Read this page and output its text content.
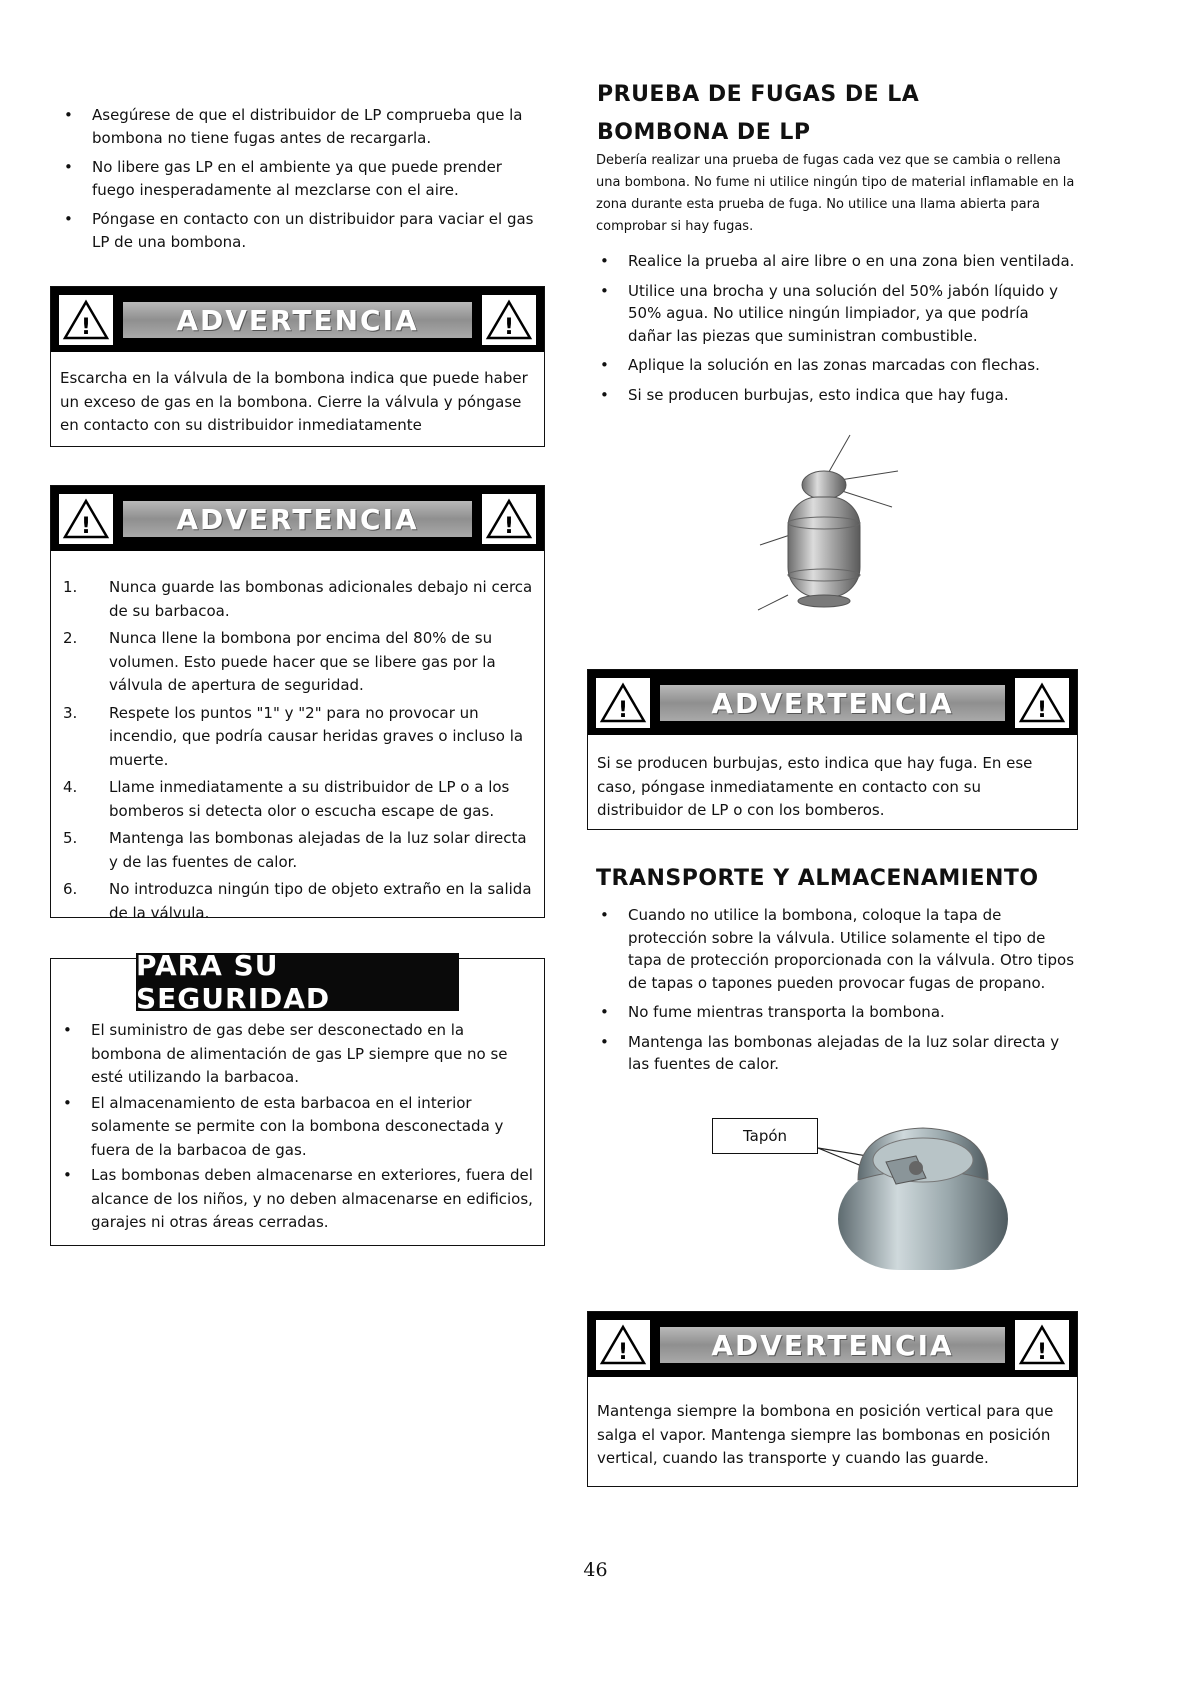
• Asegúrese de que el distribuidor de LP comprueba que la bombona no tiene fugas antes de recargarla.
• No libere gas LP en el ambiente ya que puede prender fuego inesperadamente al mezclarse con el aire.
• Póngase en contacto con un distribuidor para vaciar el gas LP de una bombona.
!	ADVERTENCIA	!
Escarcha en la válvula de la bombona indica que puede haber un exceso de gas en la bombona. Cierre la válvula y póngase en contacto con su distribuidor inmediatamente
!	ADVERTENCIA	!
1. Nunca guarde las bombonas adicionales debajo ni cerca de su barbacoa.
2. Nunca llene la bombona por encima del 80% de su volumen. Esto puede hacer que se libere gas por la válvula de apertura de seguridad.
3. Respete los puntos "1" y "2" para no provocar un incendio, que podría causar heridas graves o incluso la muerte.
4. Llame inmediatamente a su distribuidor de LP o a los bomberos si detecta olor o escucha escape de gas.
5. Mantenga las bombonas alejadas de la luz solar directa y de las fuentes de calor.
6. No introduzca ningún tipo de objeto extraño en la salida de la válvula.
PARA SU SEGURIDAD
• El suministro de gas debe ser desconectado en la bombona de alimentación de gas LP siempre que no se esté utilizando la barbacoa.
• El almacenamiento de esta barbacoa en el interior solamente se permite con la bombona desconectada y fuera de la barbacoa de gas.
• Las bombonas deben almacenarse en exteriores, fuera del alcance de los niños, y no deben almacenarse en edificios, garajes ni otras áreas cerradas.
PRUEBA DE FUGAS DE LA
BOMBONA DE LP
Debería realizar una prueba de fugas cada vez que se cambia o rellena una bombona. No fume ni utilice ningún tipo de material inflamable en la zona durante esta prueba de fuga. No utilice una llama abierta para comprobar si hay fugas.
• Realice la prueba al aire libre o en una zona bien ventilada.
• Utilice una brocha y una solución del 50% jabón líquido y 50% agua. No utilice ningún limpiador, ya que podría dañar las piezas que suministran combustible.
• Aplique la solución en las zonas marcadas con flechas.
• Si se producen burbujas, esto indica que hay fuga.
!	ADVERTENCIA	!
Si se producen burbujas, esto indica que hay fuga. En ese caso, póngase inmediatamente en contacto con su distribuidor de LP o con los bomberos.
TRANSPORTE Y ALMACENAMIENTO
• Cuando no utilice la bombona, coloque la tapa de protección sobre la válvula. Utilice solamente el tipo de tapa de protección proporcionada con la válvula. Otro tipos de tapas o tapones pueden provocar fugas de propano.
• No fume mientras transporta la bombona.
• Mantenga las bombonas alejadas de la luz solar directa y las fuentes de calor.
Tapón
!	ADVERTENCIA	!
Mantenga siempre la bombona en posición vertical para que salga el vapor. Mantenga siempre las bombonas en posición vertical, cuando las transporte y cuando las guarde.
46
